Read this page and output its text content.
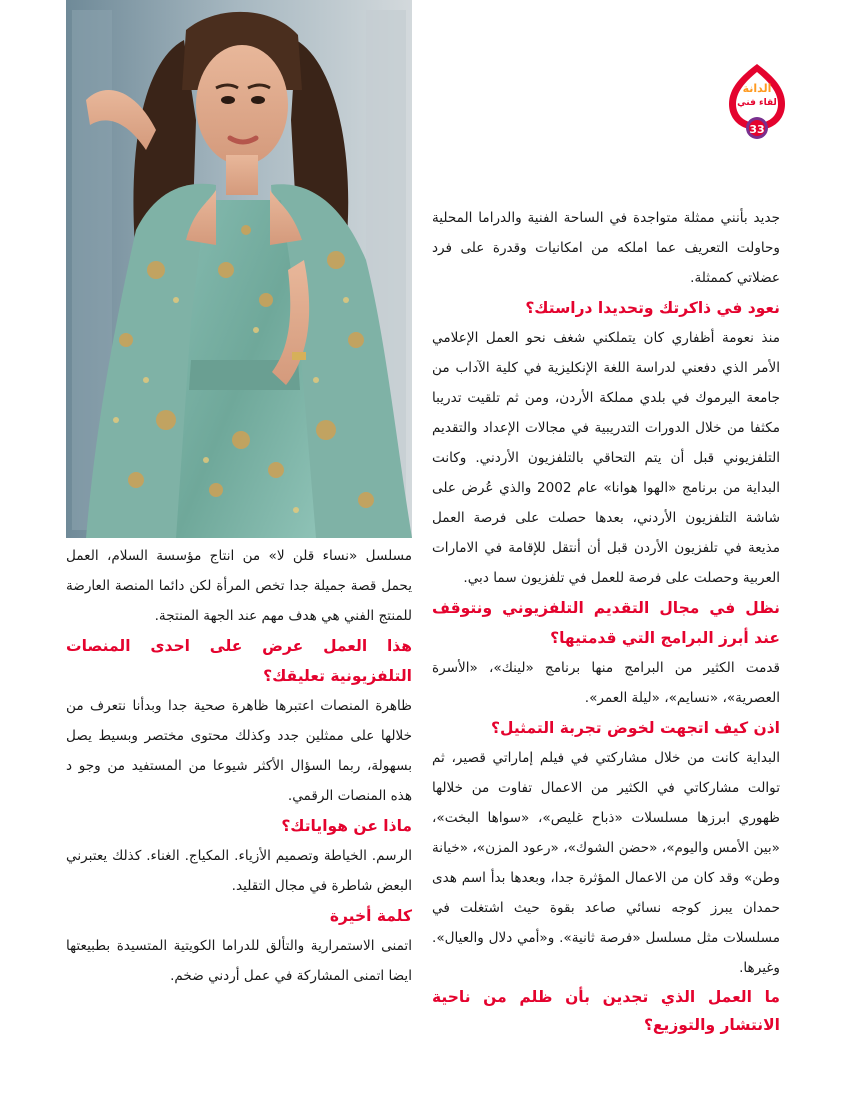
الدانة
لقاء فني
33

جديد بأنني ممثلة متواجدة في الساحة الفنية والدراما المحلية وحاولت التعريف عما املكه من امكانيات وقدرة على فرد عضلاتي كممثلة.

نعود في ذاكرتك وتحديدا دراستك؟

منذ نعومة أظفاري كان يتملكني شغف نحو العمل الإعلامي الأمر الذي دفعني لدراسة اللغة الإنكليزية في كلية الآداب من جامعة اليرموك في بلدي مملكة الأردن، ومن ثم تلقيت تدريبا مكثفا من خلال الدورات التدريبية في مجالات الإعداد والتقديم التلفزيوني قبل أن يتم التحاقي بالتلفزيون الأردني. وكانت البداية من برنامج «الهوا هوانا» عام 2002 والذي عُرض على شاشة التلفزيون الأردني، بعدها حصلت على فرصة العمل مذيعة في تلفزيون الأردن قبل أن أنتقل للإقامة في الامارات العربية وحصلت على فرصة للعمل في تلفزيون سما دبي.

نظل في مجال التقديم التلفزيوني ونتوقف عند أبرز البرامج التي قدمتيها؟

قدمت الكثير من البرامج منها برنامج «لينك»، «الأسرة العصرية»، «نسايم»، «ليلة العمر».

اذن كيف اتجهت لخوض تجربة التمثيل؟

البداية كانت من خلال مشاركتي في فيلم إماراتي قصير، ثم توالت مشاركاتي في الكثير من الاعمال تفاوت من خلالها ظهوري ابرزها مسلسلات «ذباح غليص»، «سواها البخت»، «بين الأمس واليوم»، «حضن الشوك»، «رعود المزن»، «خيانة وطن» وقد كان من الاعمال المؤثرة جدا، وبعدها بدأ اسم هدى حمدان يبرز كوجه نسائي صاعد بقوة حيث اشتغلت في مسلسلات مثل مسلسل «فرصة ثانية». و«أمي دلال والعيال». وغيرها.

ما العمل الذي تجدين بأن ظلم من ناحية الانتشار والتوزيع؟

مسلسل «نساء قلن لا» من انتاج مؤسسة السلام، العمل يحمل قصة جميلة جدا تخص المرأة لكن دائما المنصة العارضة للمنتج الفني هي هدف مهم عند الجهة المنتجة.

هذا العمل عرض على احدى المنصات التلفزيونية تعليقك؟

ظاهرة المنصات اعتبرها ظاهرة صحية جدا وبدأنا نتعرف من خلالها على ممثلين جدد وكذلك محتوى مختصر وبسيط يصل بسهولة، ربما السؤال الأكثر شيوعا من المستفيد من وجو د هذه المنصات الرقمي.

ماذا عن هواياتك؟

الرسم. الخياطة وتصميم الأزياء. المكياج. الغناء. كذلك يعتبرني البعض شاطرة في مجال التقليد.

كلمة أخيرة

اتمنى الاستمرارية والتألق للدراما الكويتية المتسيدة بطبيعتها ايضا اتمنى المشاركة في عمل أردني ضخم.
